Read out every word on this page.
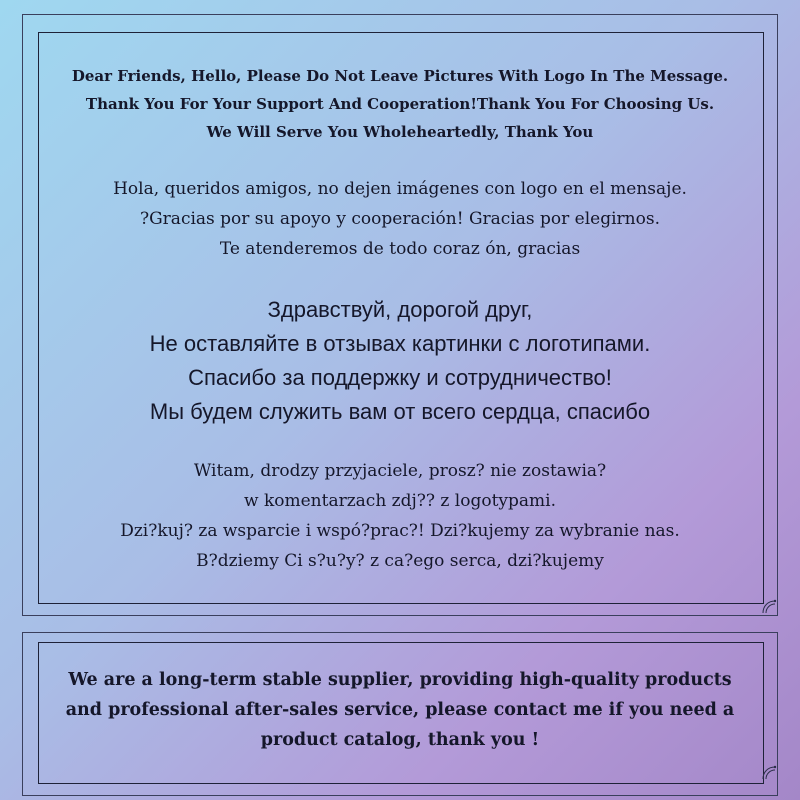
Dear Friends, Hello, Please Do Not Leave Pictures With Logo In The Message.
Thank You For Your Support And Cooperation!Thank You For Choosing Us.
We Will Serve You Wholeheartedly, Thank You
Hola, queridos amigos, no dejen imágenes con logo en el mensaje.
?Gracias por su apoyo y cooperación! Gracias por elegirnos.
Te atenderemos de todo coraz ón, gracias
Здравствуй, дорогой друг,
Не оставляйте в отзывах картинки с логотипами.
Спасибо за поддержку и сотрудничество!
Мы будем служить вам от всего сердца, спасибо
Witam, drodzy przyjaciele, prosz? nie zostawia?
w komentarzach zdj?? z logotypami.
Dzi?kuj? za wsparcie i wspó?prac?! Dzi?kujemy za wybranie nas.
B?dziemy Ci s?u?y? z ca?ego serca, dzi?kujemy
We are a long-term stable supplier, providing high-quality products
and professional after-sales service, please contact me if you need a
product catalog, thank you !
